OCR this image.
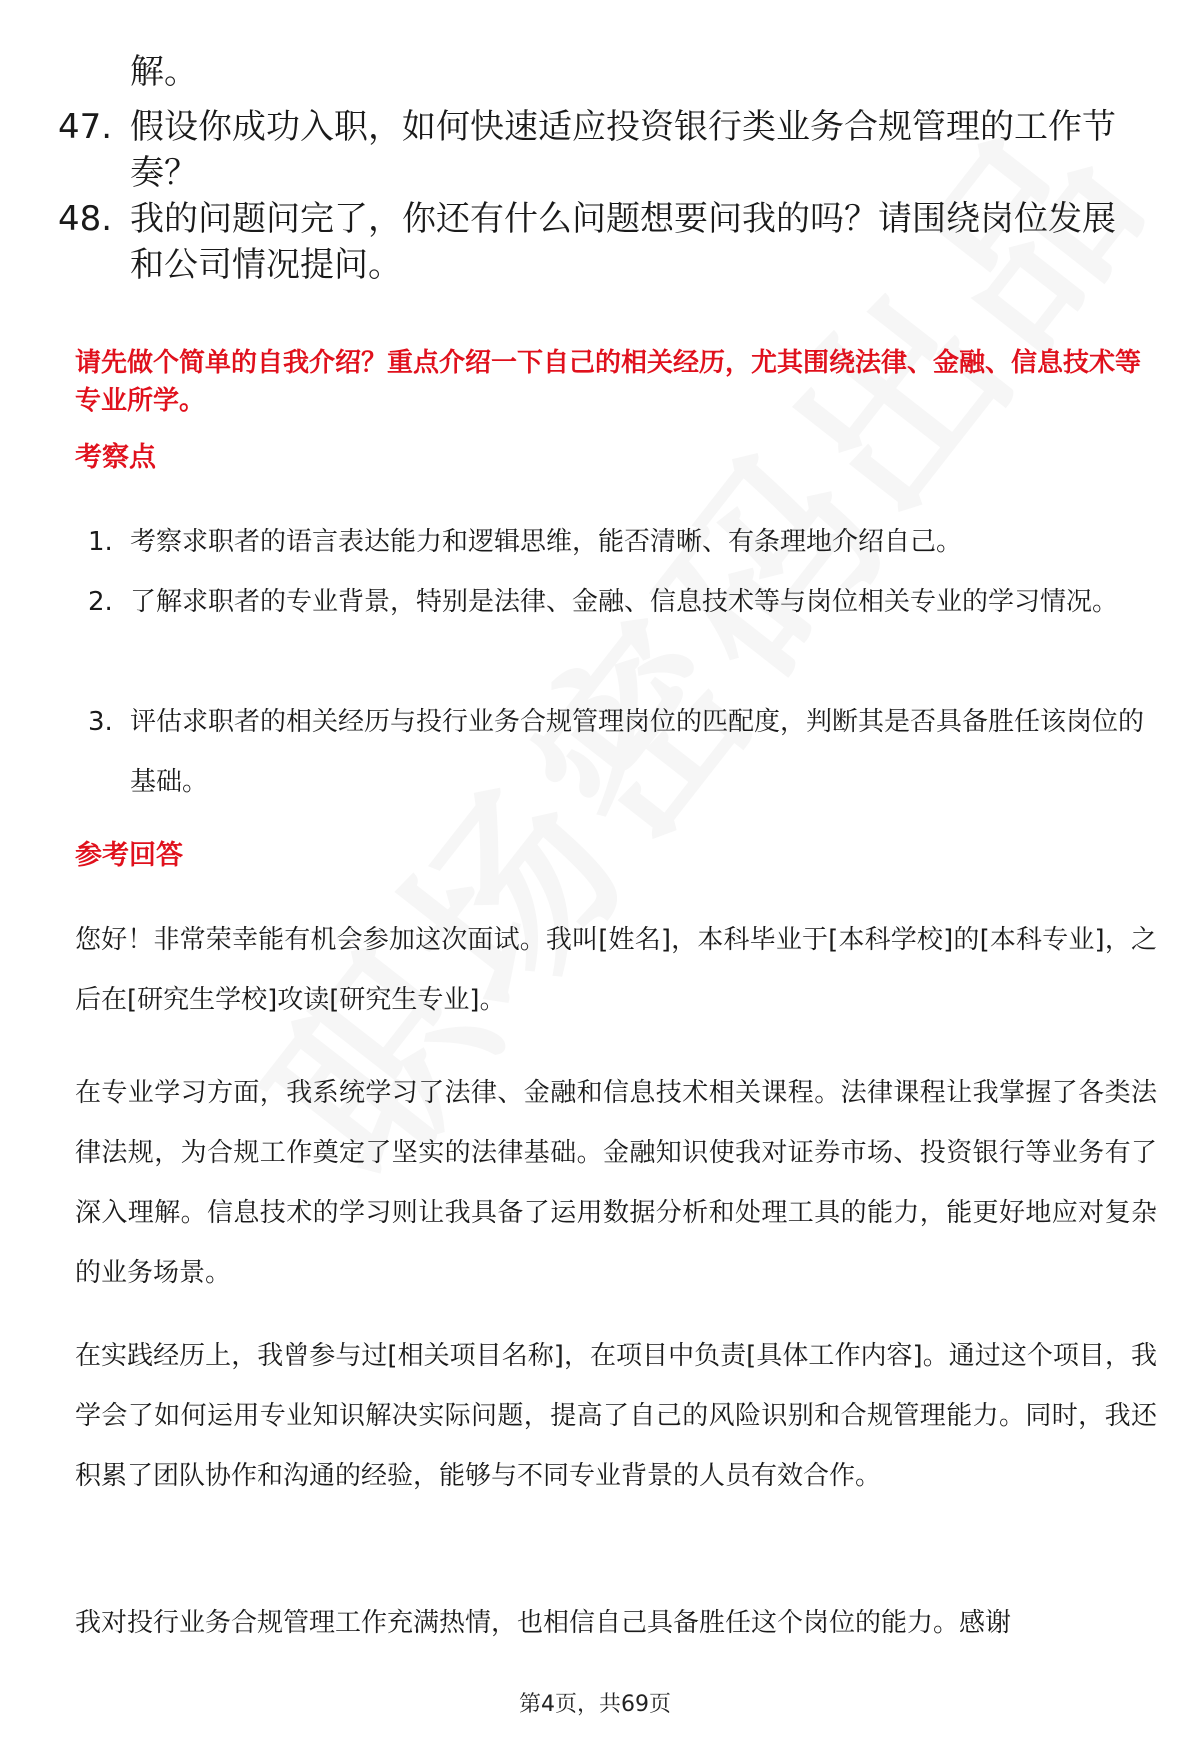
解。
47. 假设你成功入职，如何快速适应投资银行类业务合规管理的工作节奏？
48. 我的问题问完了，你还有什么问题想要问我的吗？请围绕岗位发展和公司情况提问。
请先做个简单的自我介绍？重点介绍一下自己的相关经历，尤其围绕法律、金融、信息技术等专业所学。
考察点
1. 考察求职者的语言表达能力和逻辑思维，能否清晰、有条理地介绍自己。
2. 了解求职者的专业背景，特别是法律、金融、信息技术等与岗位相关专业的学习情况。
3. 评估求职者的相关经历与投行业务合规管理岗位的匹配度，判断其是否具备胜任该岗位的基础。
参考回答
您好！非常荣幸能有机会参加这次面试。我叫[姓名]，本科毕业于[本科学校]的[本科专业]，之后在[研究生学校]攻读[研究生专业]。
在专业学习方面，我系统学习了法律、金融和信息技术相关课程。法律课程让我掌握了各类法律法规，为合规工作奠定了坚实的法律基础。金融知识使我对证券市场、投资银行等业务有了深入理解。信息技术的学习则让我具备了运用数据分析和处理工具的能力，能更好地应对复杂的业务场景。
在实践经历上，我曾参与过[相关项目名称]，在项目中负责[具体工作内容]。通过这个项目，我学会了如何运用专业知识解决实际问题，提高了自己的风险识别和合规管理能力。同时，我还积累了团队协作和沟通的经验，能够与不同专业背景的人员有效合作。
我对投行业务合规管理工作充满热情，也相信自己具备胜任这个岗位的能力。感谢
第4页，共69页
